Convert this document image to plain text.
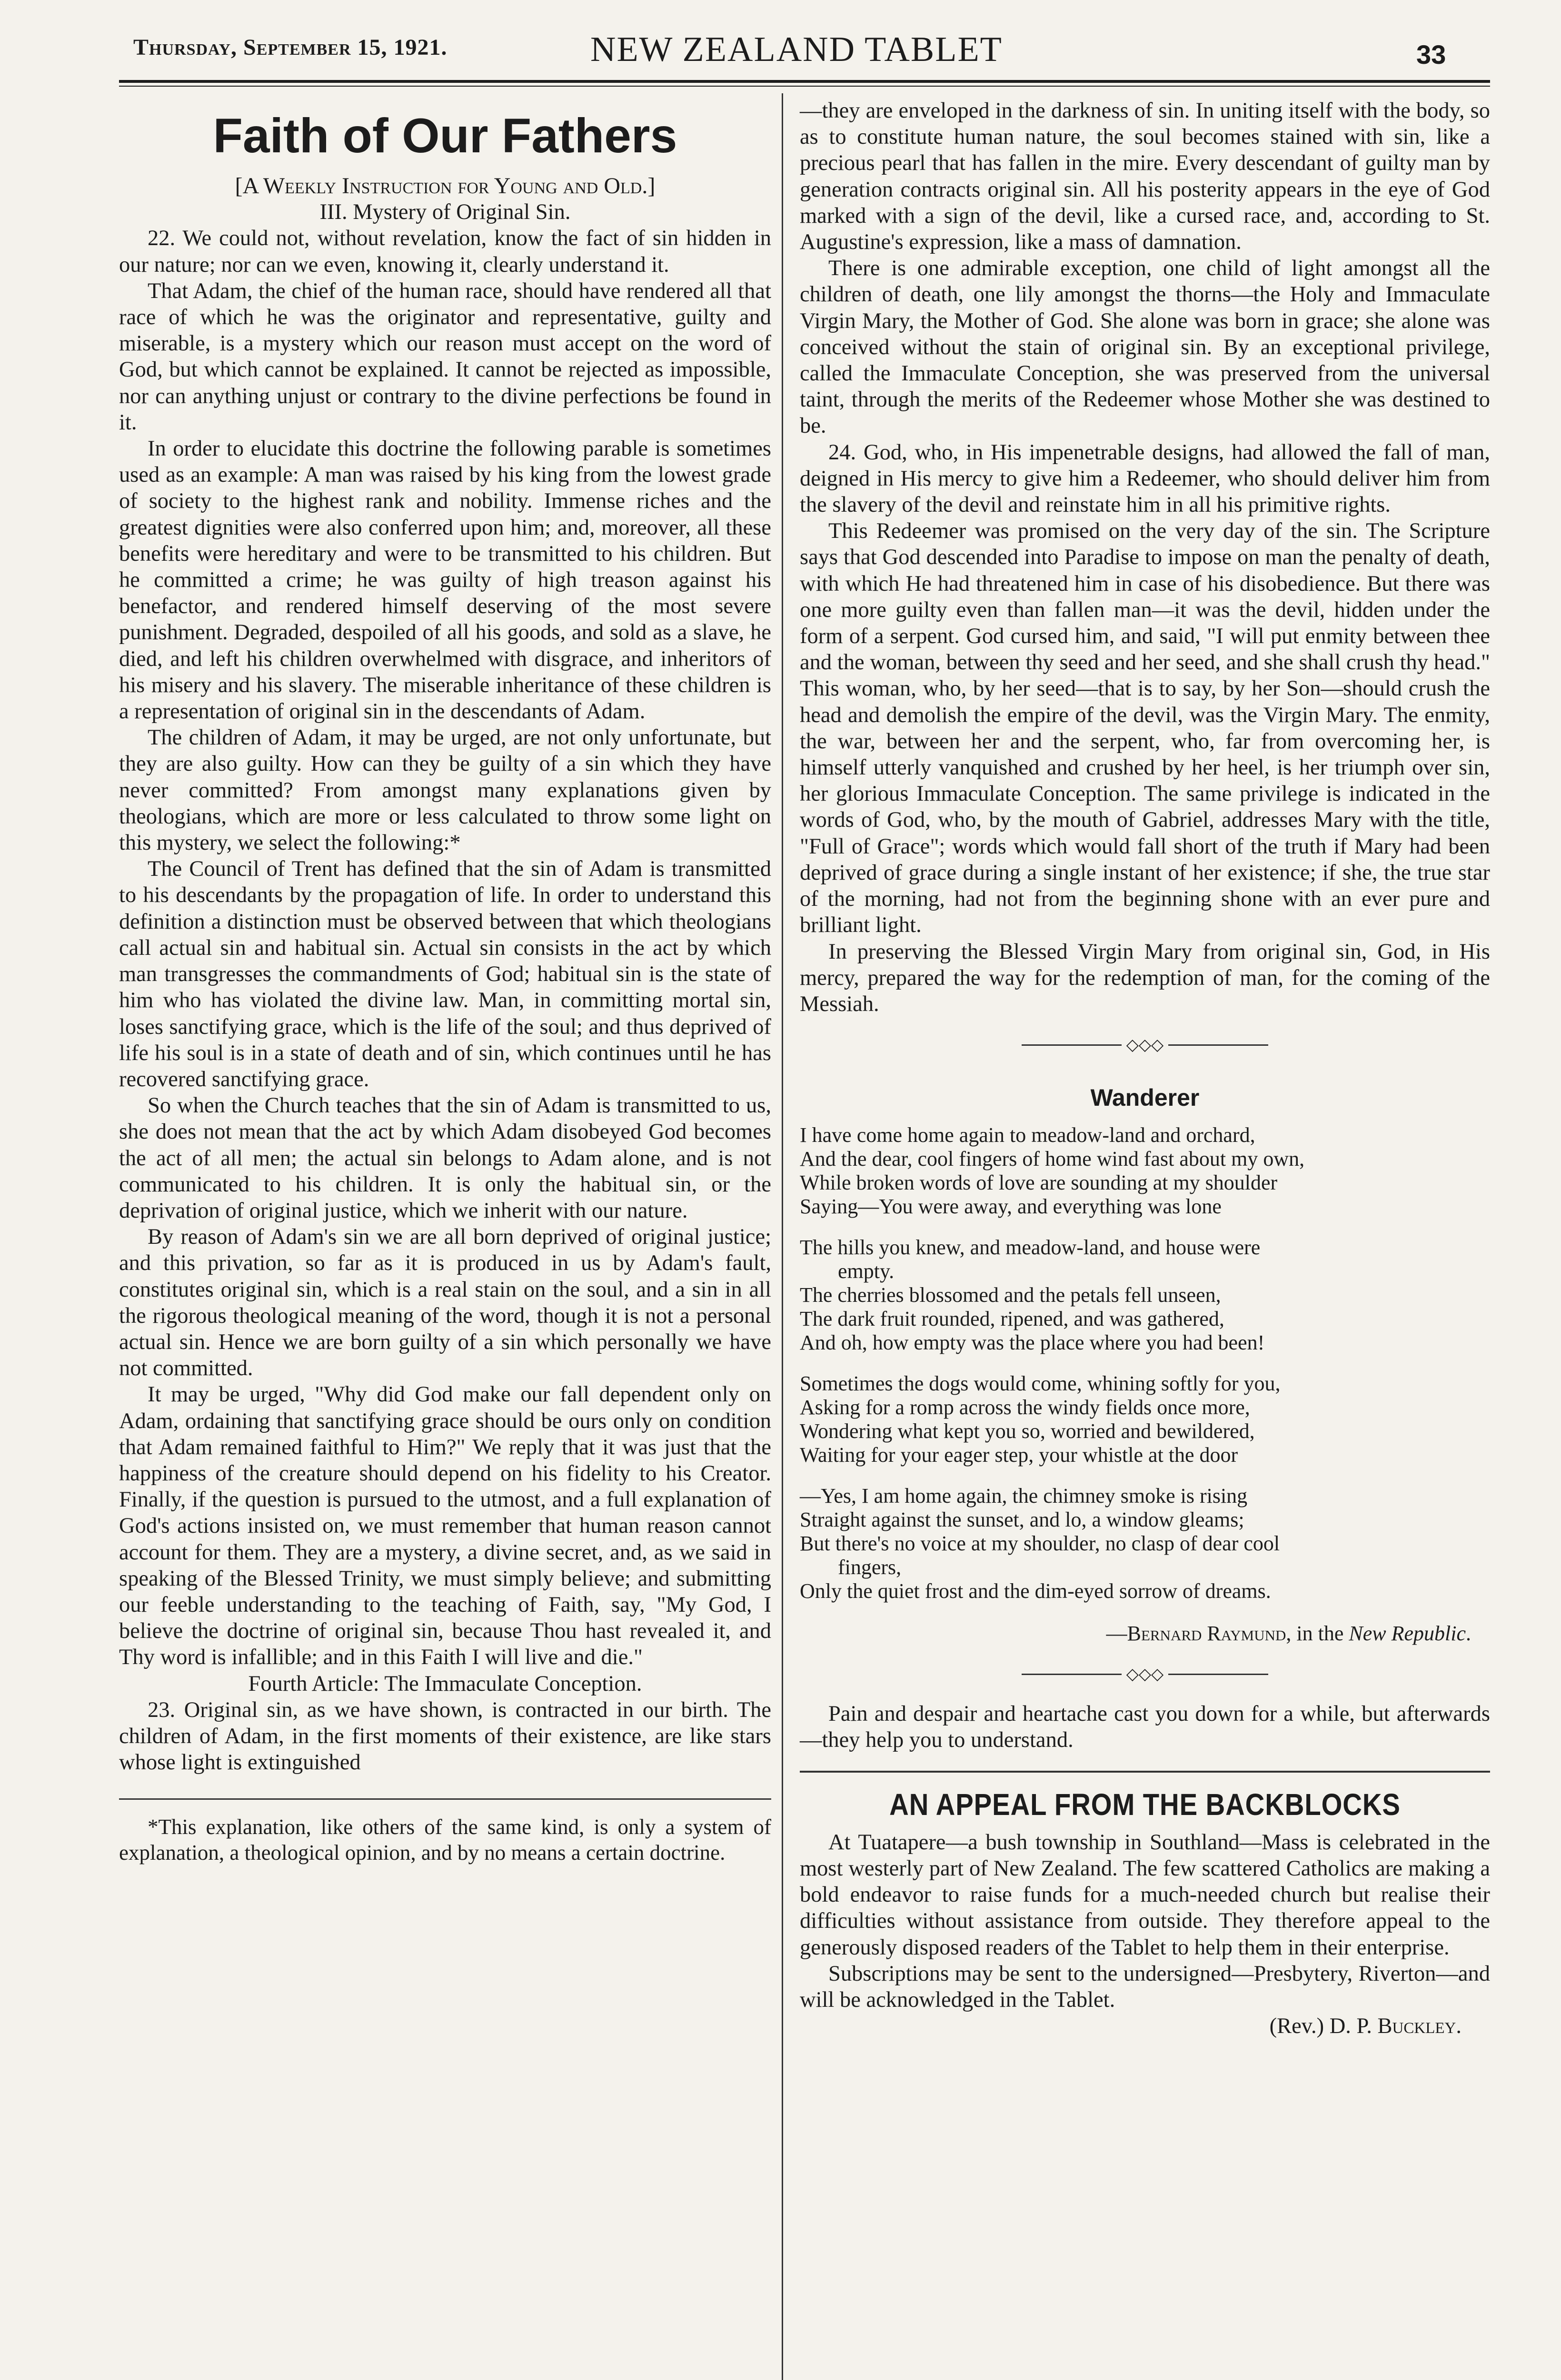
Thursday, September 15, 1921.	NEW ZEALAND TABLET	33
Faith of Our Fathers

[A Weekly Instruction for Young and Old.]

III. Mystery of Original Sin.

22. We could not, without revelation, know the fact of sin hidden in our nature; nor can we even, knowing it, clearly understand it.

That Adam, the chief of the human race, should have rendered all that race of which he was the originator and representative, guilty and miserable, is a mystery which our reason must accept on the word of God, but which cannot be explained. It cannot be rejected as impossible, nor can anything unjust or contrary to the divine perfections be found in it.

In order to elucidate this doctrine the following parable is sometimes used as an example: A man was raised by his king from the lowest grade of society to the highest rank and nobility. Immense riches and the greatest dignities were also conferred upon him; and, moreover, all these benefits were hereditary and were to be transmitted to his children. But he committed a crime; he was guilty of high treason against his benefactor, and rendered himself deserving of the most severe punishment. Degraded, despoiled of all his goods, and sold as a slave, he died, and left his children overwhelmed with disgrace, and inheritors of his misery and his slavery. The miserable inheritance of these children is a representation of original sin in the descendants of Adam.

The children of Adam, it may be urged, are not only unfortunate, but they are also guilty. How can they be guilty of a sin which they have never committed? From amongst many explanations given by theologians, which are more or less calculated to throw some light on this mystery, we select the following:*

The Council of Trent has defined that the sin of Adam is transmitted to his descendants by the propagation of life. In order to understand this definition a distinction must be observed between that which theologians call actual sin and habitual sin. Actual sin consists in the act by which man transgresses the commandments of God; habitual sin is the state of him who has violated the divine law. Man, in committing mortal sin, loses sanctifying grace, which is the life of the soul; and thus deprived of life his soul is in a state of death and of sin, which continues until he has recovered sanctifying grace.

So when the Church teaches that the sin of Adam is transmitted to us, she does not mean that the act by which Adam disobeyed God becomes the act of all men; the actual sin belongs to Adam alone, and is not communicated to his children. It is only the habitual sin, or the deprivation of original justice, which we inherit with our nature.

By reason of Adam's sin we are all born deprived of original justice; and this privation, so far as it is produced in us by Adam's fault, constitutes original sin, which is a real stain on the soul, and a sin in all the rigorous theological meaning of the word, though it is not a personal actual sin. Hence we are born guilty of a sin which personally we have not committed.

It may be urged, "Why did God make our fall dependent only on Adam, ordaining that sanctifying grace should be ours only on condition that Adam remained faithful to Him?" We reply that it was just that the happiness of the creature should depend on his fidelity to his Creator. Finally, if the question is pursued to the utmost, and a full explanation of God's actions insisted on, we must remember that human reason cannot account for them. They are a mystery, a divine secret, and, as we said in speaking of the Blessed Trinity, we must simply believe; and submitting our feeble understanding to the teaching of Faith, say, "My God, I believe the doctrine of original sin, because Thou hast revealed it, and Thy word is infallible; and in this Faith I will live and die."

Fourth Article: The Immaculate Conception.

23. Original sin, as we have shown, is contracted in our birth. The children of Adam, in the first moments of their existence, are like stars whose light is extinguished

*This explanation, like others of the same kind, is only a system of explanation, a theological opinion, and by no means a certain doctrine.

—they are enveloped in the darkness of sin. In uniting itself with the body, so as to constitute human nature, the soul becomes stained with sin, like a precious pearl that has fallen in the mire. Every descendant of guilty man by generation contracts original sin. All his posterity appears in the eye of God marked with a sign of the devil, like a cursed race, and, according to St. Augustine's expression, like a mass of damnation.

There is one admirable exception, one child of light amongst all the children of death, one lily amongst the thorns—the Holy and Immaculate Virgin Mary, the Mother of God. She alone was born in grace; she alone was conceived without the stain of original sin. By an exceptional privilege, called the Immaculate Conception, she was preserved from the universal taint, through the merits of the Redeemer whose Mother she was destined to be.

24. God, who, in His impenetrable designs, had allowed the fall of man, deigned in His mercy to give him a Redeemer, who should deliver him from the slavery of the devil and reinstate him in all his primitive rights.

This Redeemer was promised on the very day of the sin. The Scripture says that God descended into Paradise to impose on man the penalty of death, with which He had threatened him in case of his disobedience. But there was one more guilty even than fallen man—it was the devil, hidden under the form of a serpent. God cursed him, and said, "I will put enmity between thee and the woman, between thy seed and her seed, and she shall crush thy head." This woman, who, by her seed—that is to say, by her Son—should crush the head and demolish the empire of the devil, was the Virgin Mary. The enmity, the war, between her and the serpent, who, far from overcoming her, is himself utterly vanquished and crushed by her heel, is her triumph over sin, her glorious Immaculate Conception. The same privilege is indicated in the words of God, who, by the mouth of Gabriel, addresses Mary with the title, "Full of Grace"; words which would fall short of the truth if Mary had been deprived of grace during a single instant of her existence; if she, the true star of the morning, had not from the beginning shone with an ever pure and brilliant light.

In preserving the Blessed Virgin Mary from original sin, God, in His mercy, prepared the way for the redemption of man, for the coming of the Messiah.

◇◇◇
Wanderer
I have come home again to meadow-land and orchard,
And the dear, cool fingers of home wind fast about my own,
While broken words of love are sounding at my shoulder
Saying—You were away, and everything was lone
The hills you knew, and meadow-land, and house were
empty.
The cherries blossomed and the petals fell unseen,
The dark fruit rounded, ripened, and was gathered,
And oh, how empty was the place where you had been!
Sometimes the dogs would come, whining softly for you,
Asking for a romp across the windy fields once more,
Wondering what kept you so, worried and bewildered,
Waiting for your eager step, your whistle at the door
—Yes, I am home again, the chimney smoke is rising
Straight against the sunset, and lo, a window gleams;
But there's no voice at my shoulder, no clasp of dear cool
fingers,
Only the quiet frost and the dim-eyed sorrow of dreams.
—Bernard Raymund, in the New Republic.
◇◇◇

Pain and despair and heartache cast you down for a while, but afterwards—they help you to understand.

AN APPEAL FROM THE BACKBLOCKS

At Tuatapere—a bush township in Southland—Mass is celebrated in the most westerly part of New Zealand. The few scattered Catholics are making a bold endeavor to raise funds for a much-needed church but realise their difficulties without assistance from outside. They therefore appeal to the generously disposed readers of the Tablet to help them in their enterprise.

Subscriptions may be sent to the undersigned—Presbytery, Riverton—and will be acknowledged in the Tablet.

(Rev.) D. P. Buckley.
